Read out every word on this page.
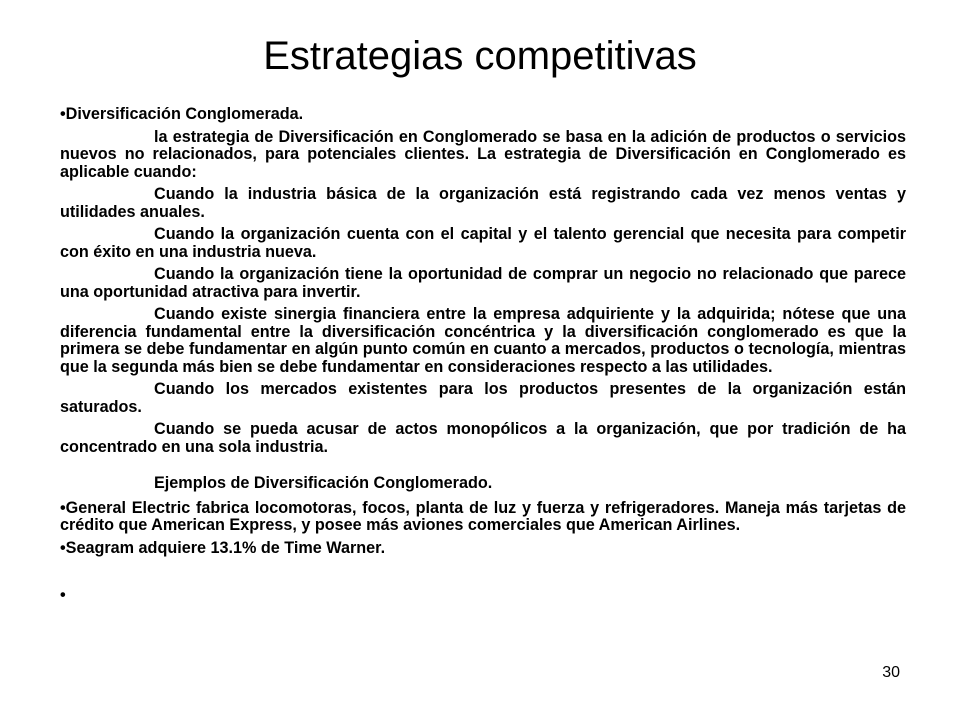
Estrategias competitivas

•Diversificación Conglomerada.

la estrategia de Diversificación en Conglomerado se basa en la adición de productos o servicios nuevos no relacionados, para potenciales clientes. La estrategia de Diversificación en Conglomerado es aplicable cuando:

Cuando la industria básica de la organización está registrando cada vez menos ventas y utilidades anuales.

Cuando la organización cuenta con el capital y el talento gerencial que necesita para competir con éxito en una industria nueva.

Cuando la organización tiene la oportunidad de comprar un negocio no relacionado que parece una oportunidad atractiva para invertir.

Cuando existe sinergia financiera entre la empresa adquiriente y la adquirida; nótese que una diferencia fundamental entre la diversificación concéntrica y la diversificación conglomerado es que la primera se debe fundamentar en algún punto común en cuanto a mercados, productos o tecnología, mientras que la segunda más bien se debe fundamentar en consideraciones respecto a las utilidades.

Cuando los mercados existentes para los productos presentes de la organización están saturados.

Cuando se pueda acusar de actos monopólicos a la organización, que por tradición de ha concentrado en una sola industria.

Ejemplos de Diversificación Conglomerado.

•General Electric fabrica locomotoras, focos, planta de luz y fuerza y refrigeradores. Maneja más tarjetas de crédito que American Express, y posee más aviones comerciales que American Airlines.

•Seagram adquiere 13.1% de Time Warner.

•

30
